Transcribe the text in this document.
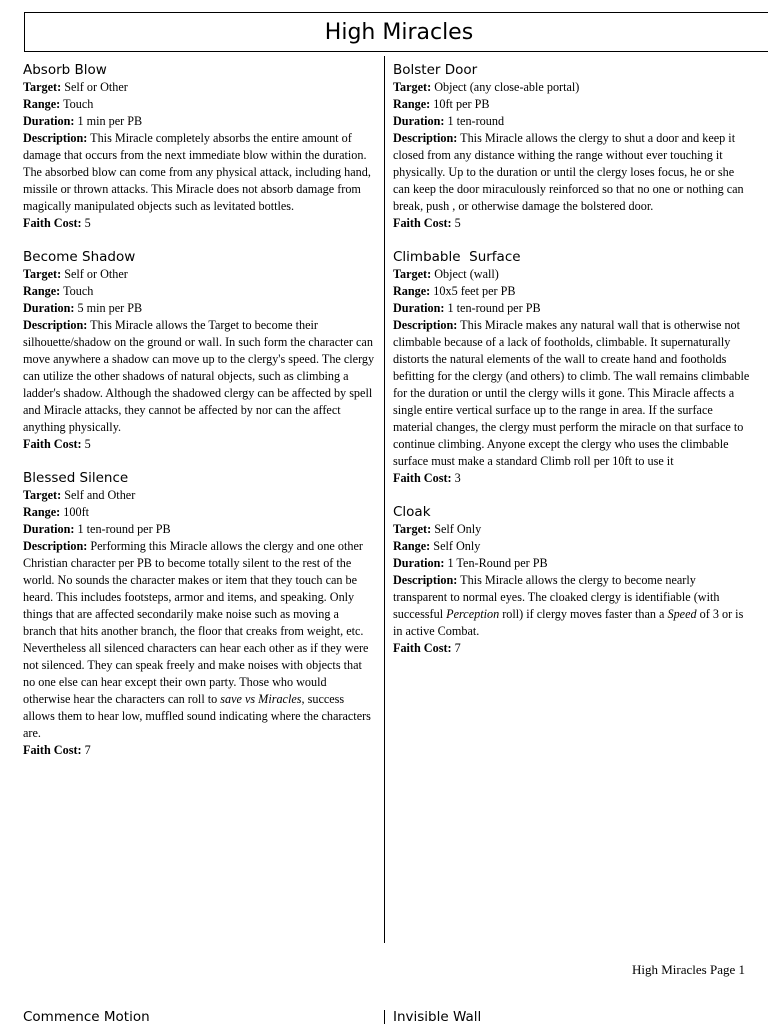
High Miracles
Absorb Blow

Target: Self or Other

Range: Touch

Duration: 1 min per PB

Description: This Miracle completely absorbs the entire amount of damage that occurs from the next immediate blow within the duration. The absorbed blow can come from any physical attack, including hand, missile or thrown attacks. This Miracle does not absorb damage from magically manipulated objects such as levitated bottles.

Faith Cost: 5

Become Shadow

Target: Self or Other

Range: Touch

Duration: 5 min per PB

Description: This Miracle allows the Target to become their silhouette/shadow on the ground or wall. In such form the character can move anywhere a shadow can move up to the clergy's speed. The clergy can utilize the other shadows of natural objects, such as climbing a ladder's shadow. Although the shadowed clergy can be affected by spell and Miracle attacks, they cannot be affected by nor can the affect anything physically.

Faith Cost: 5

Blessed Silence

Target: Self and Other

Range: 100ft

Duration: 1 ten-round per PB

Description: Performing this Miracle allows the clergy and one other Christian character per PB to become totally silent to the rest of the world. No sounds the character makes or item that they touch can be heard. This includes footsteps, armor and items, and speaking. Only things that are affected secondarily make noise such as moving a branch that hits another branch, the floor that creaks from weight, etc. Nevertheless all silenced characters can hear each other as if they were not silenced. They can speak freely and make noises with objects that no one else can hear except their own party. Those who would otherwise hear the characters can roll to save vs Miracles, success allows them to hear low, muffled sound indicating where the characters are.

Faith Cost: 7

Bolster Door

Target: Object (any close-able portal)

Range: 10ft per PB

Duration: 1 ten-round

Description: This Miracle allows the clergy to shut a door and keep it closed from any distance withing the range without ever touching it physically. Up to the duration or until the clergy loses focus, he or she can keep the door miraculously reinforced so that no one or nothing can break, push , or otherwise damage the bolstered door.

Faith Cost: 5

Climbable  Surface

Target: Object (wall)

Range: 10x5 feet per PB

Duration: 1 ten-round per PB

Description: This Miracle makes any natural wall that is otherwise not climbable because of a lack of footholds, climbable. It supernaturally distorts the natural elements of the wall to create hand and footholds befitting for the clergy (and others) to climb. The wall remains climbable for the duration or until the clergy wills it gone. This Miracle affects a single entire vertical surface up to the range in area. If the surface material changes, the clergy must perform the miracle on that surface to continue climbing. Anyone except the clergy who uses the climbable surface must make a standard Climb roll per 10ft to use it

Faith Cost: 3

Cloak

Target: Self Only

Range: Self Only

Duration: 1 Ten-Round per PB

Description: This Miracle allows the clergy to become nearly transparent to normal eyes. The cloaked clergy is identifiable (with successful Perception roll) if clergy moves faster than a Speed of 3 or is in active Combat.

Faith Cost: 7

High Miracles Page 1
Commence Motion	Invisible Wall
